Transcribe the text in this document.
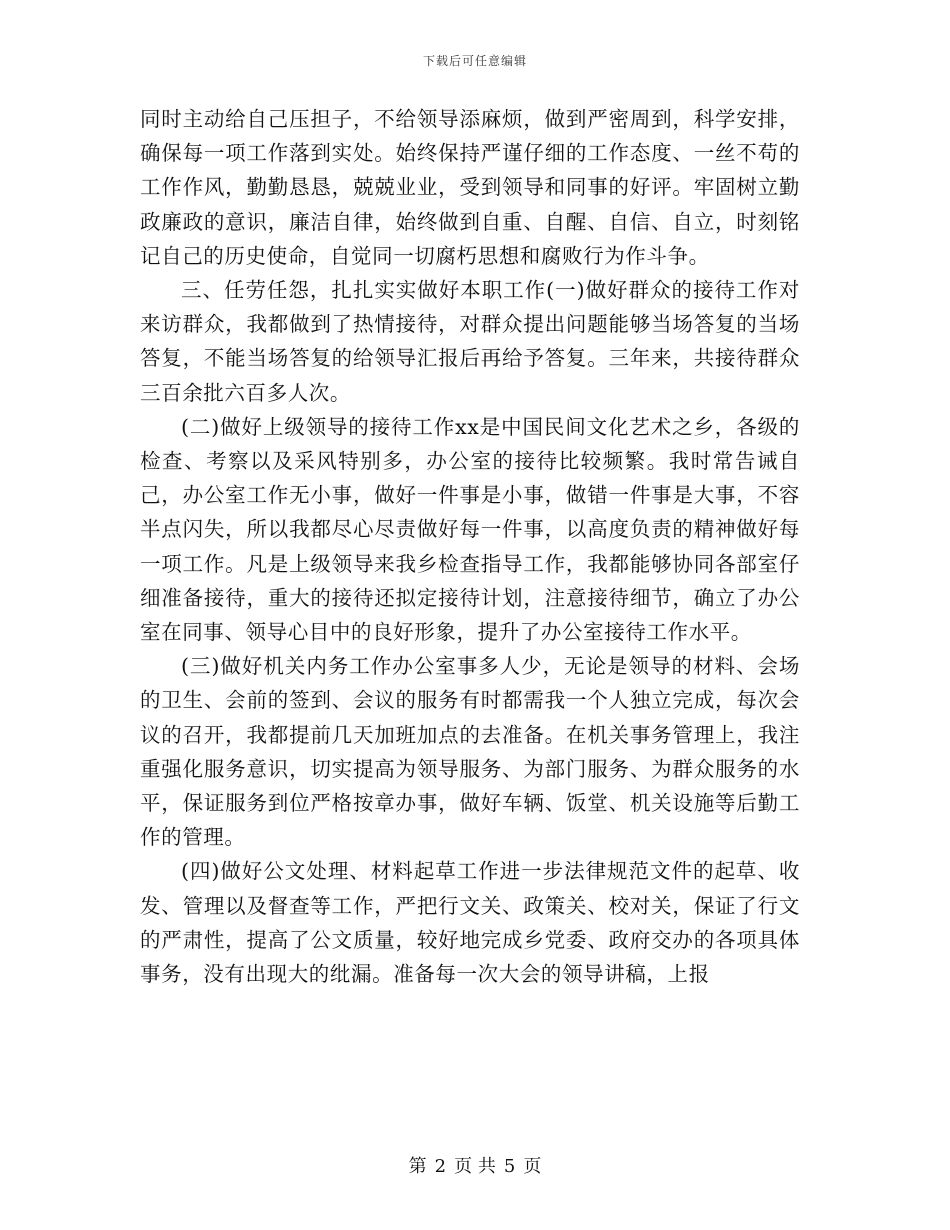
下载后可任意编辑

同时主动给自己压担子，不给领导添麻烦，做到严密周到，科学安排，确保每一项工作落到实处。始终保持严谨仔细的工作态度、一丝不苟的工作作风，勤勤恳恳，兢兢业业，受到领导和同事的好评。牢固树立勤政廉政的意识，廉洁自律，始终做到自重、自醒、自信、自立，时刻铭记自己的历史使命，自觉同一切腐朽思想和腐败行为作斗争。

三、任劳任怨，扎扎实实做好本职工作(一)做好群众的接待工作对来访群众，我都做到了热情接待，对群众提出问题能够当场答复的当场答复，不能当场答复的给领导汇报后再给予答复。三年来，共接待群众三百余批六百多人次。

(二)做好上级领导的接待工作xx是中国民间文化艺术之乡，各级的检查、考察以及采风特别多，办公室的接待比较频繁。我时常告诫自己，办公室工作无小事，做好一件事是小事，做错一件事是大事，不容半点闪失，所以我都尽心尽责做好每一件事，以高度负责的精神做好每一项工作。凡是上级领导来我乡检查指导工作，我都能够协同各部室仔细准备接待，重大的接待还拟定接待计划，注意接待细节，确立了办公室在同事、领导心目中的良好形象，提升了办公室接待工作水平。

(三)做好机关内务工作办公室事多人少，无论是领导的材料、会场的卫生、会前的签到、会议的服务有时都需我一个人独立完成，每次会议的召开，我都提前几天加班加点的去准备。在机关事务管理上，我注重强化服务意识，切实提高为领导服务、为部门服务、为群众服务的水平，保证服务到位严格按章办事，做好车辆、饭堂、机关设施等后勤工作的管理。

(四)做好公文处理、材料起草工作进一步法律规范文件的起草、收发、管理以及督查等工作，严把行文关、政策关、校对关，保证了行文的严肃性，提高了公文质量，较好地完成乡党委、政府交办的各项具体事务，没有出现大的纰漏。准备每一次大会的领导讲稿，上报

第 2 页 共 5 页
